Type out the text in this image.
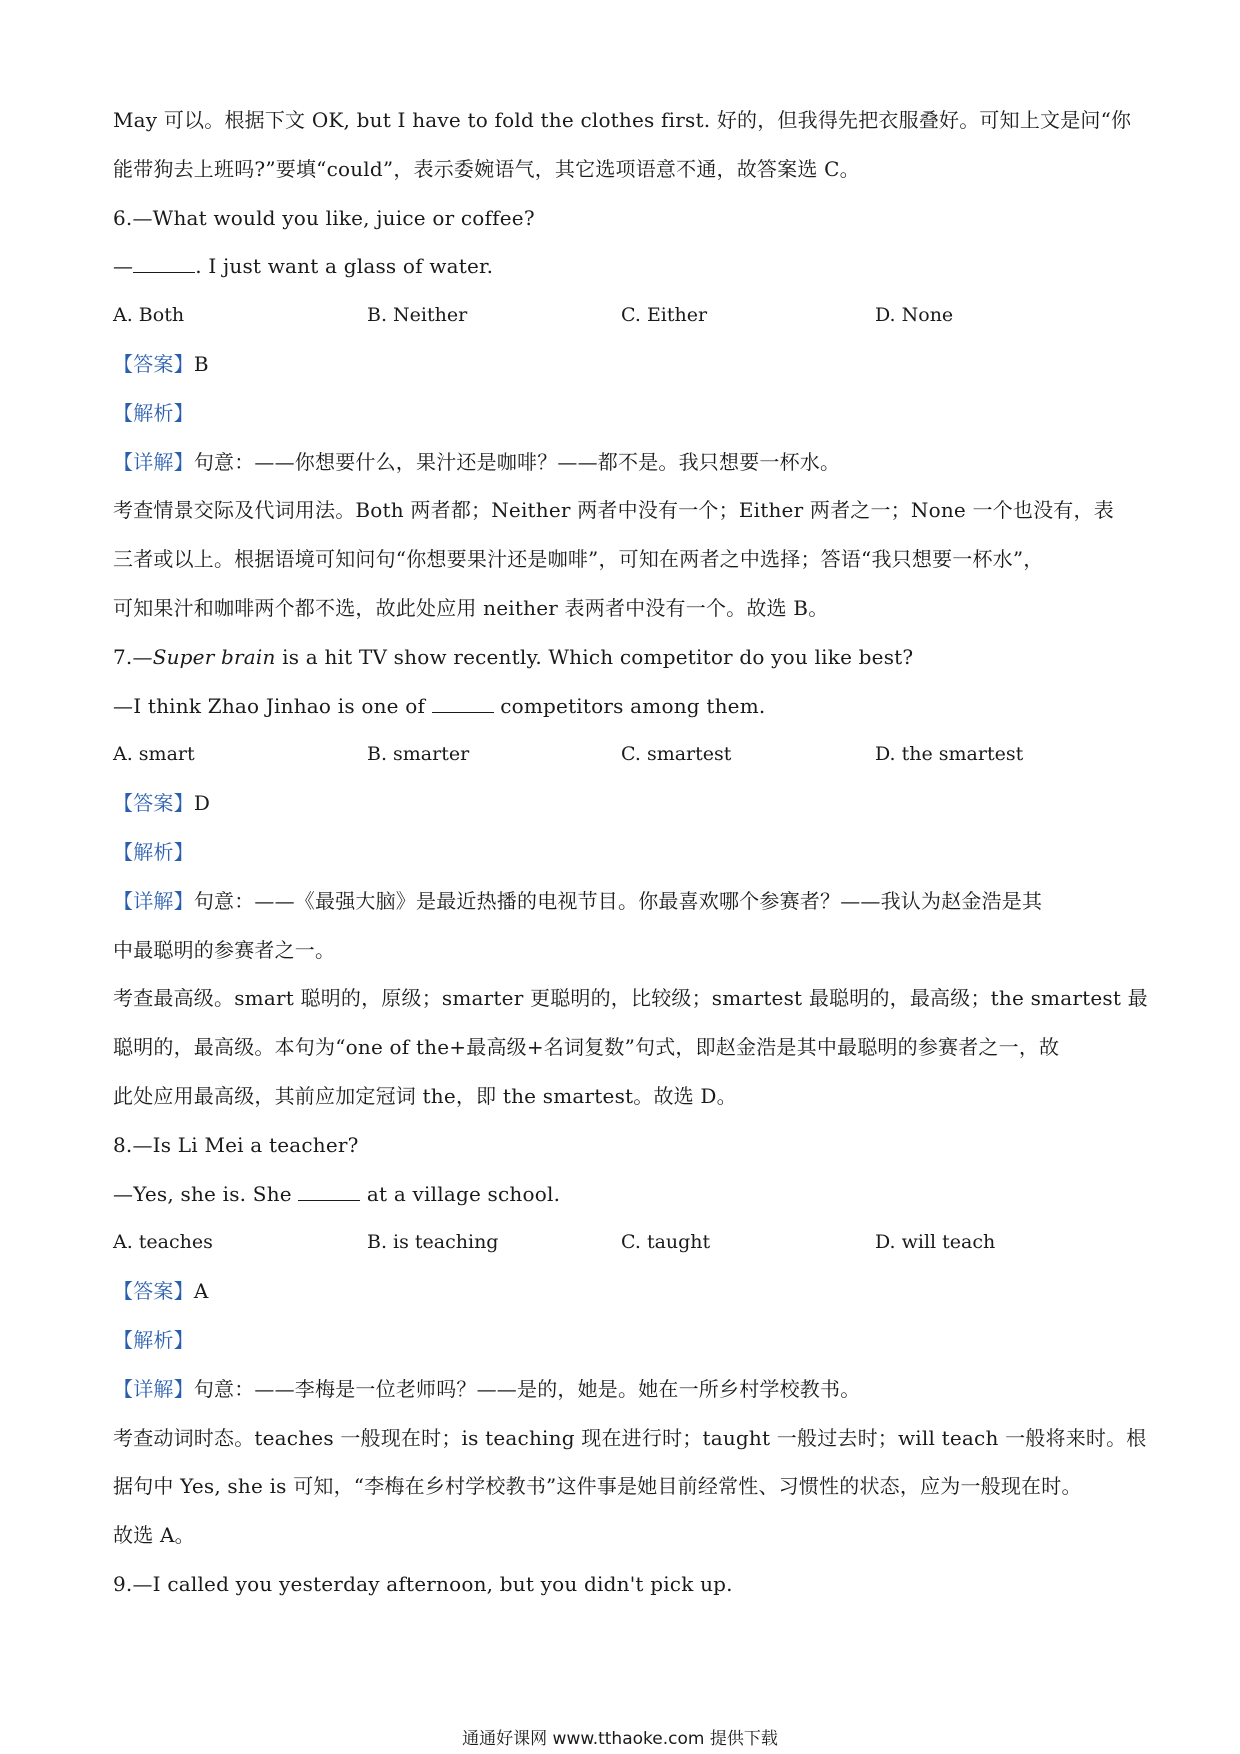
May 可以。根据下文 OK, but I have to fold the clothes first. 好的，但我得先把衣服叠好。可知上文是问“你
能带狗去上班吗?”要填“could”，表示委婉语气，其它选项语意不通，故答案选 C。
6.—What would you like, juice or coffee?
—	. I just want a glass of water.
A. Both	B. Neither	C. Either	D. None
【答案】B
【解析】
【详解】句意：——你想要什么，果汁还是咖啡？——都不是。我只想要一杯水。
考查情景交际及代词用法。Both 两者都；Neither 两者中没有一个；Either 两者之一；None 一个也没有，表
三者或以上。根据语境可知问句“你想要果汁还是咖啡”，可知在两者之中选择；答语“我只想要一杯水”，
可知果汁和咖啡两个都不选，故此处应用 neither 表两者中没有一个。故选 B。
7.—Super brain is a hit TV show recently. Which competitor do you like best?
—I think Zhao Jinhao is one of	competitors among them.
A. smart	B. smarter	C. smartest	D. the smartest
【答案】D
【解析】
【详解】句意：——《最强大脑》是最近热播的电视节目。你最喜欢哪个参赛者？——我认为赵金浩是其
中最聪明的参赛者之一。
考查最高级。smart 聪明的，原级；smarter 更聪明的，比较级；smartest 最聪明的，最高级；the smartest 最
聪明的，最高级。本句为“one of the+最高级+名词复数”句式，即赵金浩是其中最聪明的参赛者之一，故
此处应用最高级，其前应加定冠词 the，即 the smartest。故选 D。
8.—Is Li Mei a teacher?
—Yes, she is. She	at a village school.
A. teaches	B. is teaching	C. taught	D. will teach
【答案】A
【解析】
【详解】句意：——李梅是一位老师吗？——是的，她是。她在一所乡村学校教书。
考查动词时态。teaches 一般现在时；is teaching 现在进行时；taught 一般过去时；will teach 一般将来时。根
据句中 Yes, she is 可知，“李梅在乡村学校教书”这件事是她目前经常性、习惯性的状态，应为一般现在时。
故选 A。
9.—I called you yesterday afternoon, but you didn't pick up.
通通好课网 www.tthaoke.com 提供下载
